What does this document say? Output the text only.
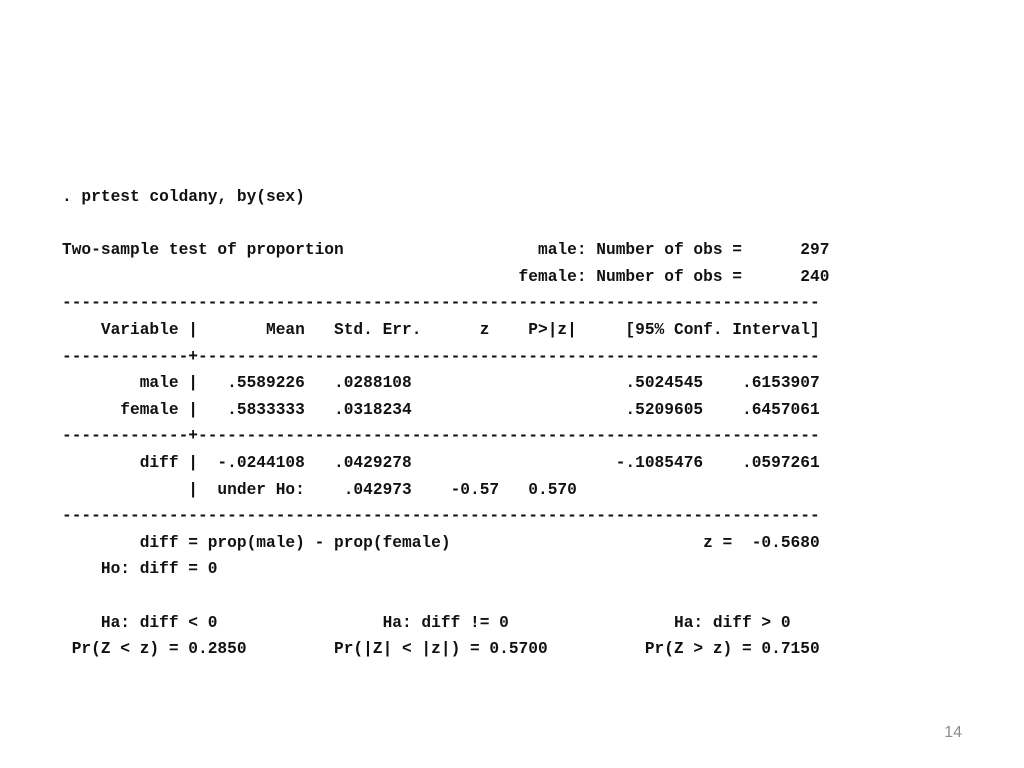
. prtest coldany, by(sex)
Two-sample test of proportion                    male: Number of obs =      297
female: Number of obs =      240
------------------------------------------------------------------------------
Variable |       Mean   Std. Err.      z    P>|z|     [95% Conf. Interval]
-------------+----------------------------------------------------------------
male |   .5589226   .0288108                      .5024545    .6153907
female |   .5833333   .0318234                      .5209605    .6457061
-------------+----------------------------------------------------------------
diff |  -.0244108   .0429278                     -.1085476    .0597261
|  under Ho:    .042973    -0.57   0.570
------------------------------------------------------------------------------
diff = prop(male) - prop(female)                          z =  -0.5680
Ho: diff = 0
Ha: diff < 0                 Ha: diff != 0                 Ha: diff > 0
Pr(Z < z) = 0.2850         Pr(|Z| < |z|) = 0.5700          Pr(Z > z) = 0.7150
14
